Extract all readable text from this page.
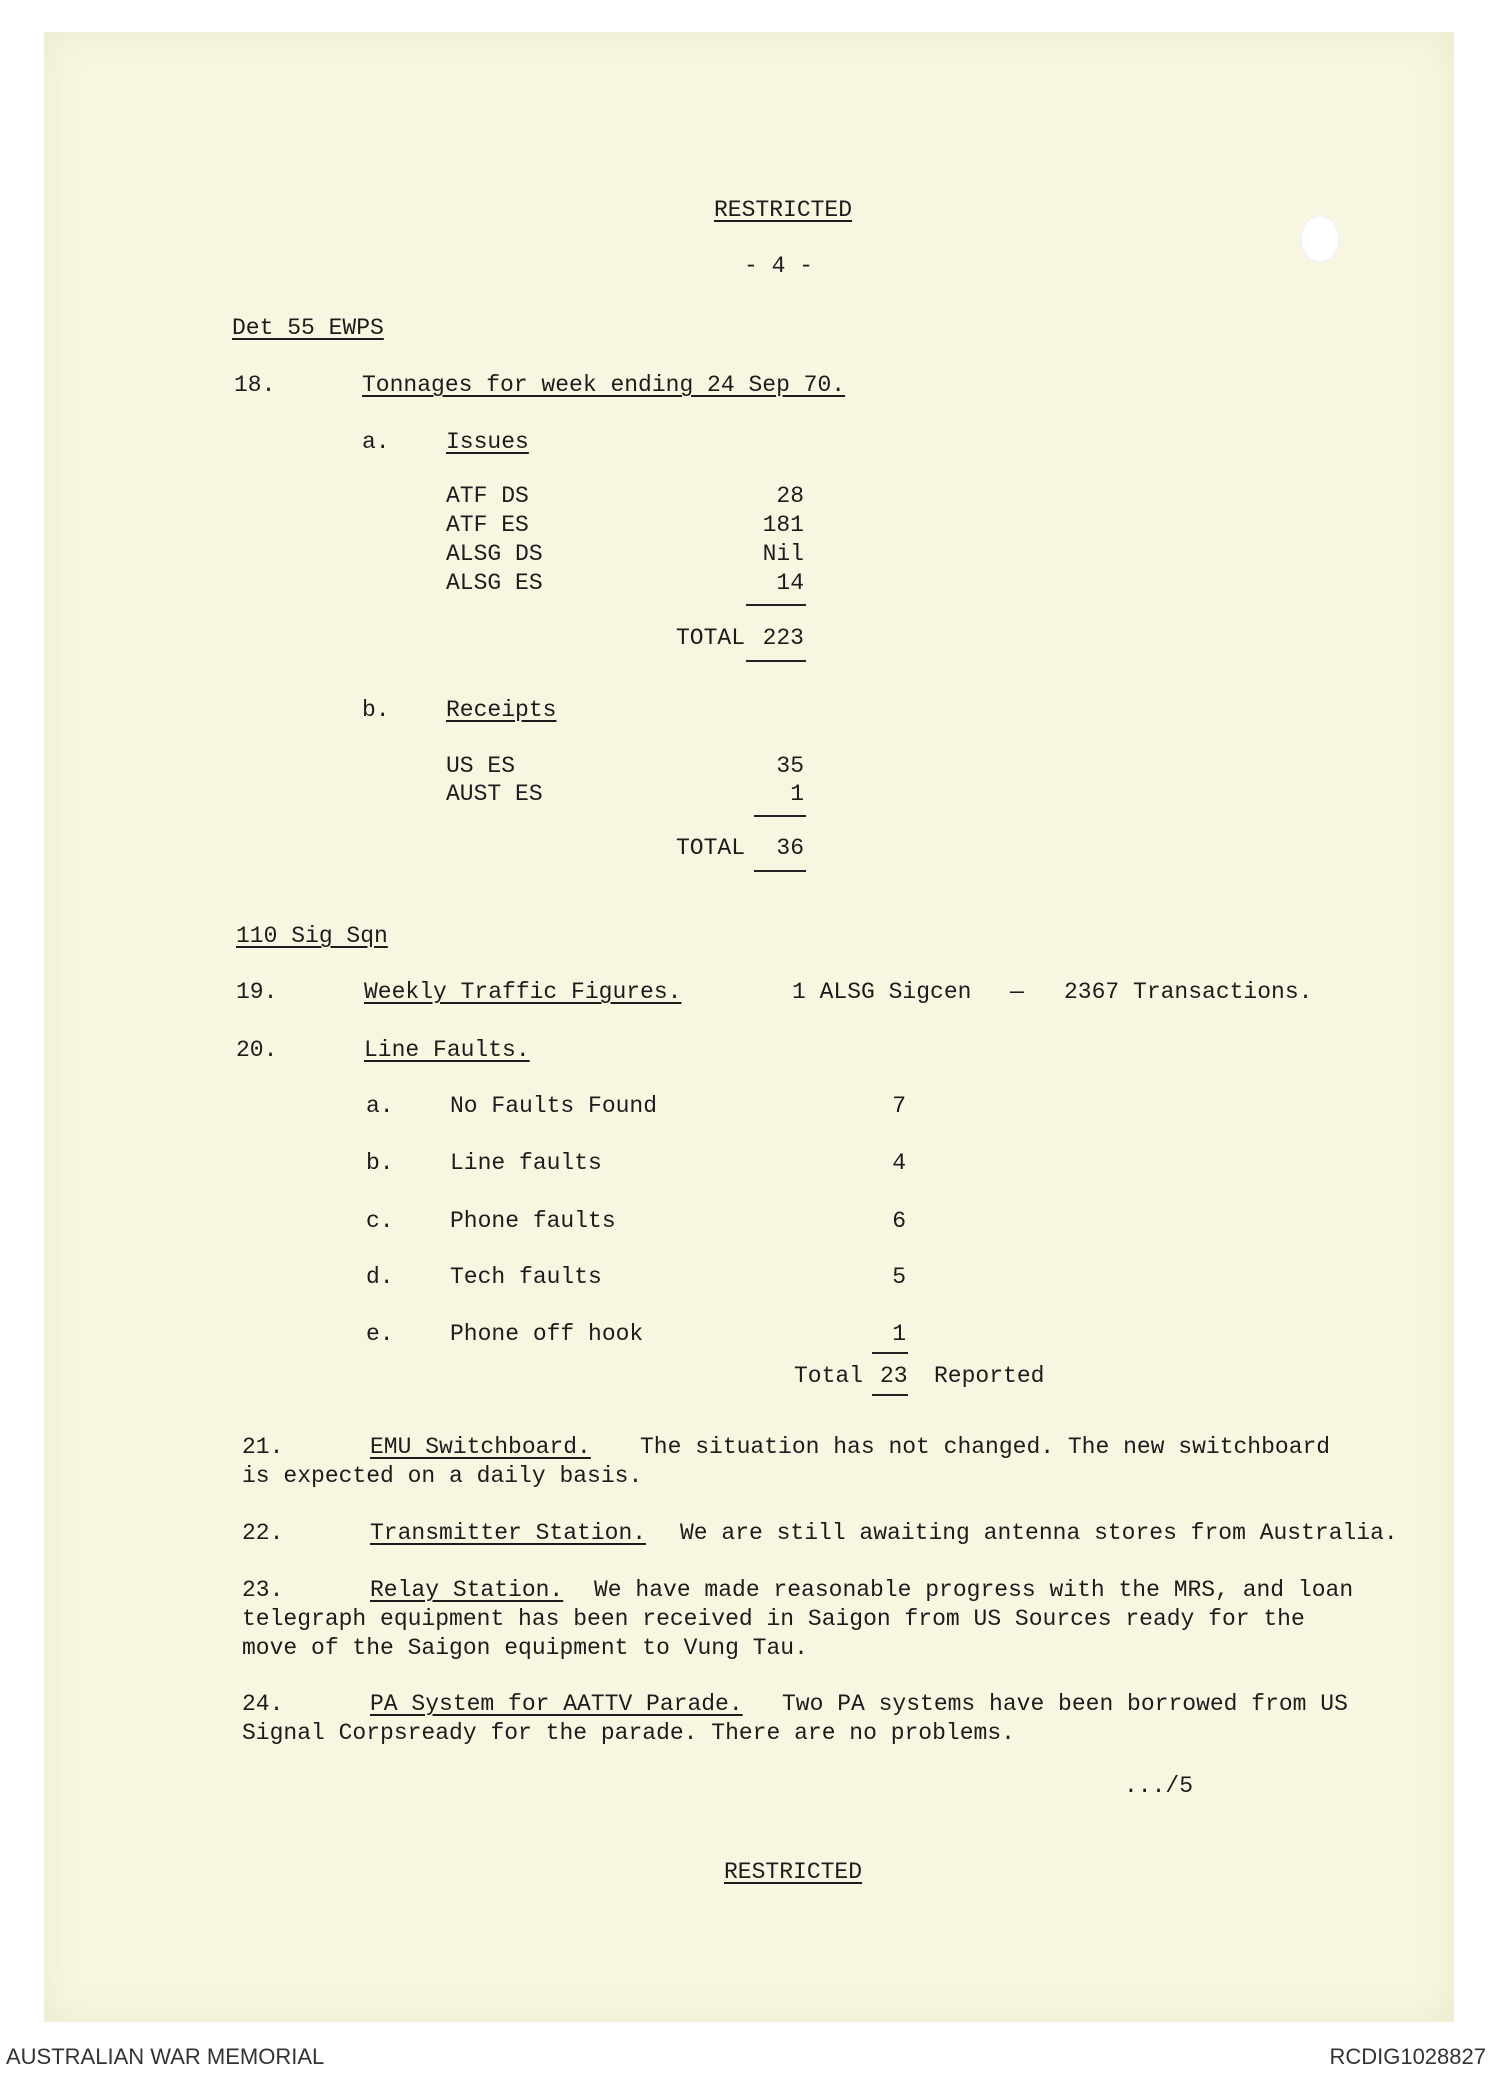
RESTRICTED
- 4 -
Det 55 EWPS
18.	Tonnages for week ending 24 Sep 70.
a. Issues
ATF DS	28
ATF ES	181
ALSG DS	Nil
ALSG ES	14
TOTAL 223
b. Receipts
US ES	35
AUST ES	1
TOTAL	36
110 Sig Sqn
19.	Weekly Traffic Figures.	1 ALSG Sigcen — 2367 Transactions.
20.	Line Faults.
a. No Faults Found	7
b. Line faults	4
c. Phone faults	6
d. Tech faults	5
e. Phone off hook	1
Total 23 Reported
21.	EMU Switchboard. The situation has not changed. The new switchboard
is expected on a daily basis.
22.	Transmitter Station. We are still awaiting antenna stores from Australia.
23.	Relay Station. We have made reasonable progress with the MRS, and loan
telegraph equipment has been received in Saigon from US Sources ready for the
move of the Saigon equipment to Vung Tau.
24.	PA System for AATTV Parade. Two PA systems have been borrowed from US
Signal Corpsready for the parade. There are no problems.
.../5
RESTRICTED
AUSTRALIAN WAR MEMORIAL	RCDIG1028827
